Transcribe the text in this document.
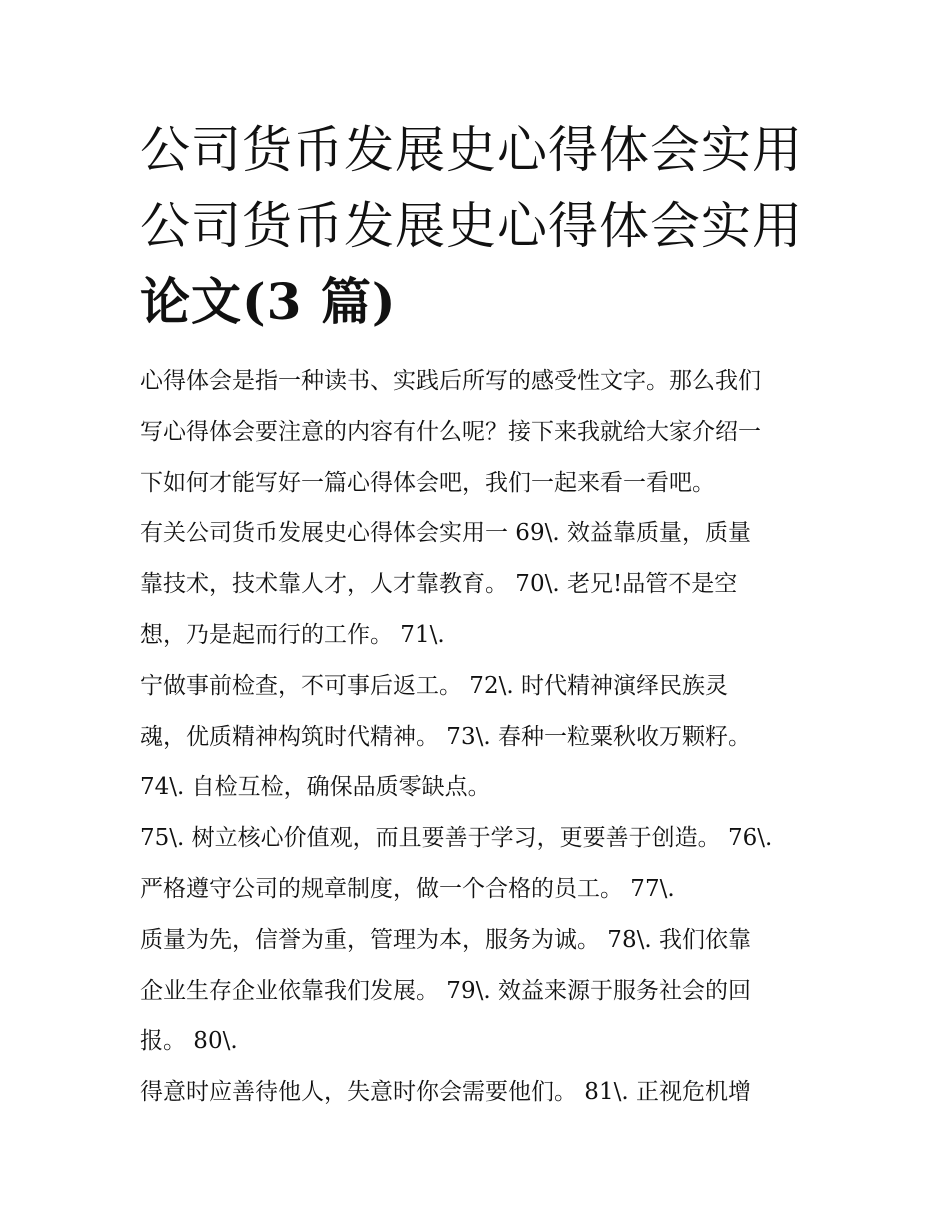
公司货币发展史心得体会实用
公司货币发展史心得体会实用
论文(3 篇)
心得体会是指一种读书、实践后所写的感受性文字。那么我们
写心得体会要注意的内容有什么呢？接下来我就给大家介绍一
下如何才能写好一篇心得体会吧，我们一起来看一看吧。
有关公司货币发展史心得体会实用一 69\. 效益靠质量，质量
靠技术，技术靠人才，人才靠教育。 70\. 老兄!品管不是空
想，乃是起而行的工作。 71\.
宁做事前检查，不可事后返工。 72\. 时代精神演绎民族灵
魂，优质精神构筑时代精神。 73\. 春种一粒粟秋收万颗籽。
74\. 自检互检，确保品质零缺点。
75\. 树立核心价值观，而且要善于学习，更要善于创造。 76\.
严格遵守公司的规章制度，做一个合格的员工。 77\.
质量为先，信誉为重，管理为本，服务为诚。 78\. 我们依靠
企业生存企业依靠我们发展。 79\. 效益来源于服务社会的回
报。 80\.
得意时应善待他人，失意时你会需要他们。 81\. 正视危机增
